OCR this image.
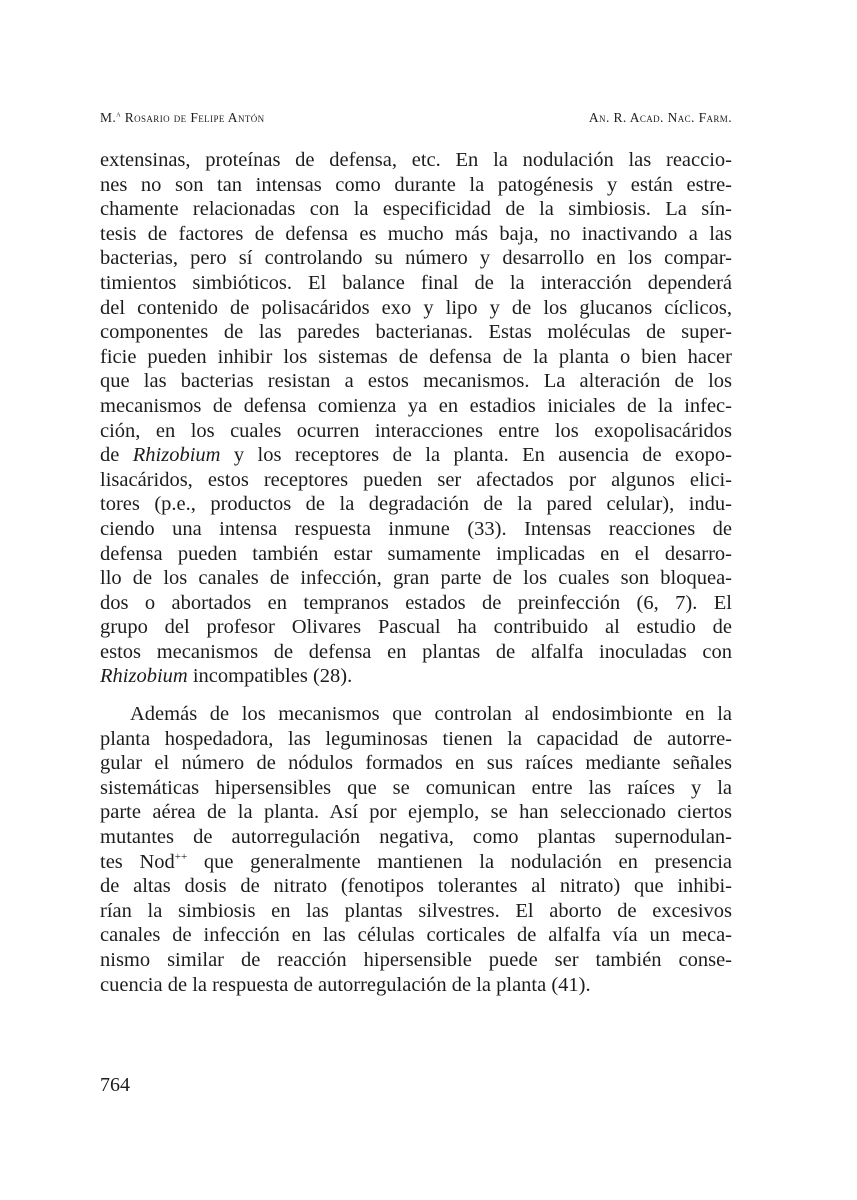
M.$^a$ Rosario de Felipe Antón	An. R. Acad. Nac. Farm.
extensinas, proteínas de defensa, etc. En la nodulación las reaccio-
nes no son tan intensas como durante la patogénesis y están estre-
chamente relacionadas con la especificidad de la simbiosis. La sín-
tesis de factores de defensa es mucho más baja, no inactivando a las
bacterias, pero sí controlando su número y desarrollo en los compar-
timientos simbióticos. El balance final de la interacción dependerá
del contenido de polisacáridos exo y lipo y de los glucanos cíclicos,
componentes de las paredes bacterianas. Estas moléculas de super-
ficie pueden inhibir los sistemas de defensa de la planta o bien hacer
que las bacterias resistan a estos mecanismos. La alteración de los
mecanismos de defensa comienza ya en estadios iniciales de la infec-
ción, en los cuales ocurren interacciones entre los exopolisacáridos
de Rhizobium y los receptores de la planta. En ausencia de exopo-
lisacáridos, estos receptores pueden ser afectados por algunos elici-
tores (p.e., productos de la degradación de la pared celular), indu-
ciendo una intensa respuesta inmune (33). Intensas reacciones de
defensa pueden también estar sumamente implicadas en el desarro-
llo de los canales de infección, gran parte de los cuales son bloquea-
dos o abortados en tempranos estados de preinfección (6, 7). El
grupo del profesor Olivares Pascual ha contribuido al estudio de
estos mecanismos de defensa en plantas de alfalfa inoculadas con
Rhizobium incompatibles (28).
Además de los mecanismos que controlan al endosimbionte en la
planta hospedadora, las leguminosas tienen la capacidad de autorre-
gular el número de nódulos formados en sus raíces mediante señales
sistemáticas hipersensibles que se comunican entre las raíces y la
parte aérea de la planta. Así por ejemplo, se han seleccionado ciertos
mutantes de autorregulación negativa, como plantas supernodulan-
tes Nod++ que generalmente mantienen la nodulación en presencia
de altas dosis de nitrato (fenotipos tolerantes al nitrato) que inhibi-
rían la simbiosis en las plantas silvestres. El aborto de excesivos
canales de infección en las células corticales de alfalfa vía un meca-
nismo similar de reacción hipersensible puede ser también conse-
cuencia de la respuesta de autorregulación de la planta (41).
764
